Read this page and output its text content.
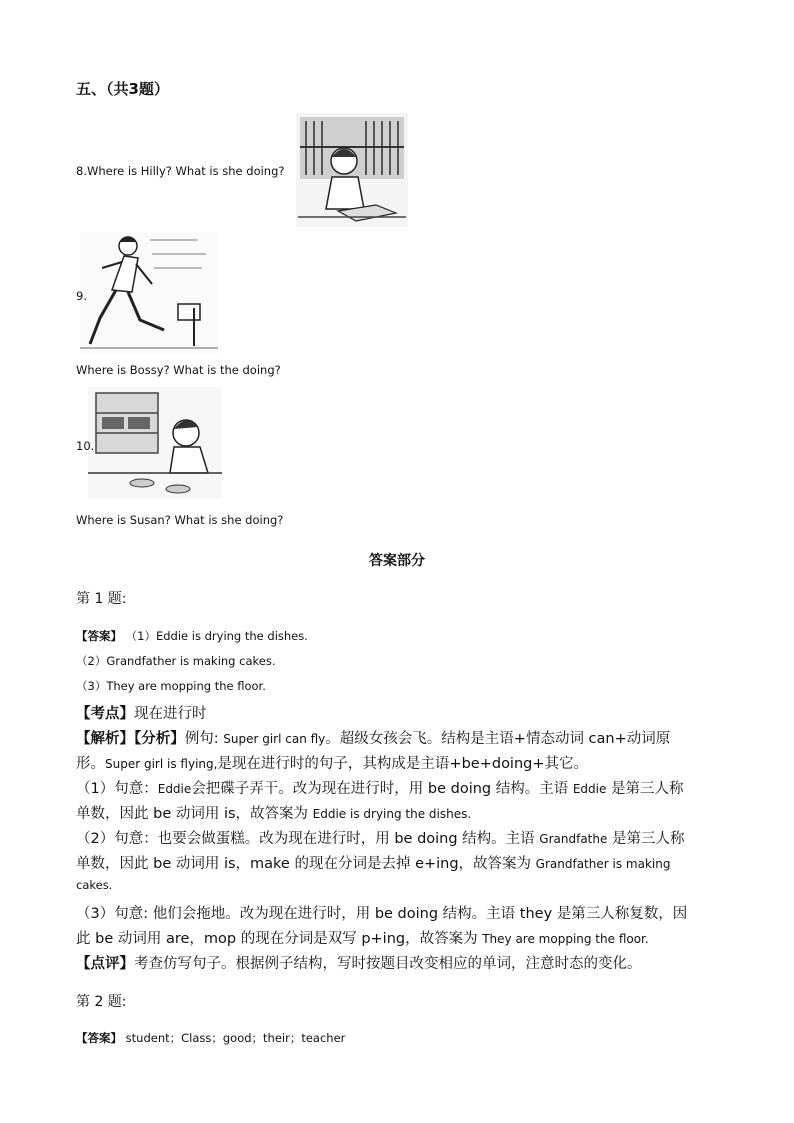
五、（共3题）
8.Where is Hilly? What is she doing?
9.
Where is Bossy? What is the doing?
10.
Where is Susan? What is she doing?
答案部分
第 1 题:
【答案】 （1）Eddie is drying the dishes.
（2）Grandfather is making cakes.
（3）They are mopping the floor.
【考点】现在进行时
【解析】【分析】例句: Super girl can fly。超级女孩会飞。结构是主语+情态动词 can+动词原
形。Super girl is flying,是现在进行时的句子，其构成是主语+be+doing+其它。
（1）句意：Eddie会把碟子弄干。改为现在进行时，用 be doing 结构。主语 Eddie 是第三人称
单数，因此 be 动词用 is，故答案为 Eddie is drying the dishes.
（2）句意：也要会做蛋糕。改为现在进行时，用 be doing 结构。主语 Grandfathe 是第三人称
单数，因此 be 动词用 is，make 的现在分词是去掉 e+ing，故答案为 Grandfather is making
cakes.
（3）句意: 他们会拖地。改为现在进行时，用 be doing 结构。主语 they 是第三人称复数，因
此 be 动词用 are，mop 的现在分词是双写 p+ing，故答案为 They are mopping the floor.
【点评】考查仿写句子。根据例子结构，写时按题目改变相应的单词，注意时态的变化。
第 2 题:
【答案】 student；Class；good；their；teacher
